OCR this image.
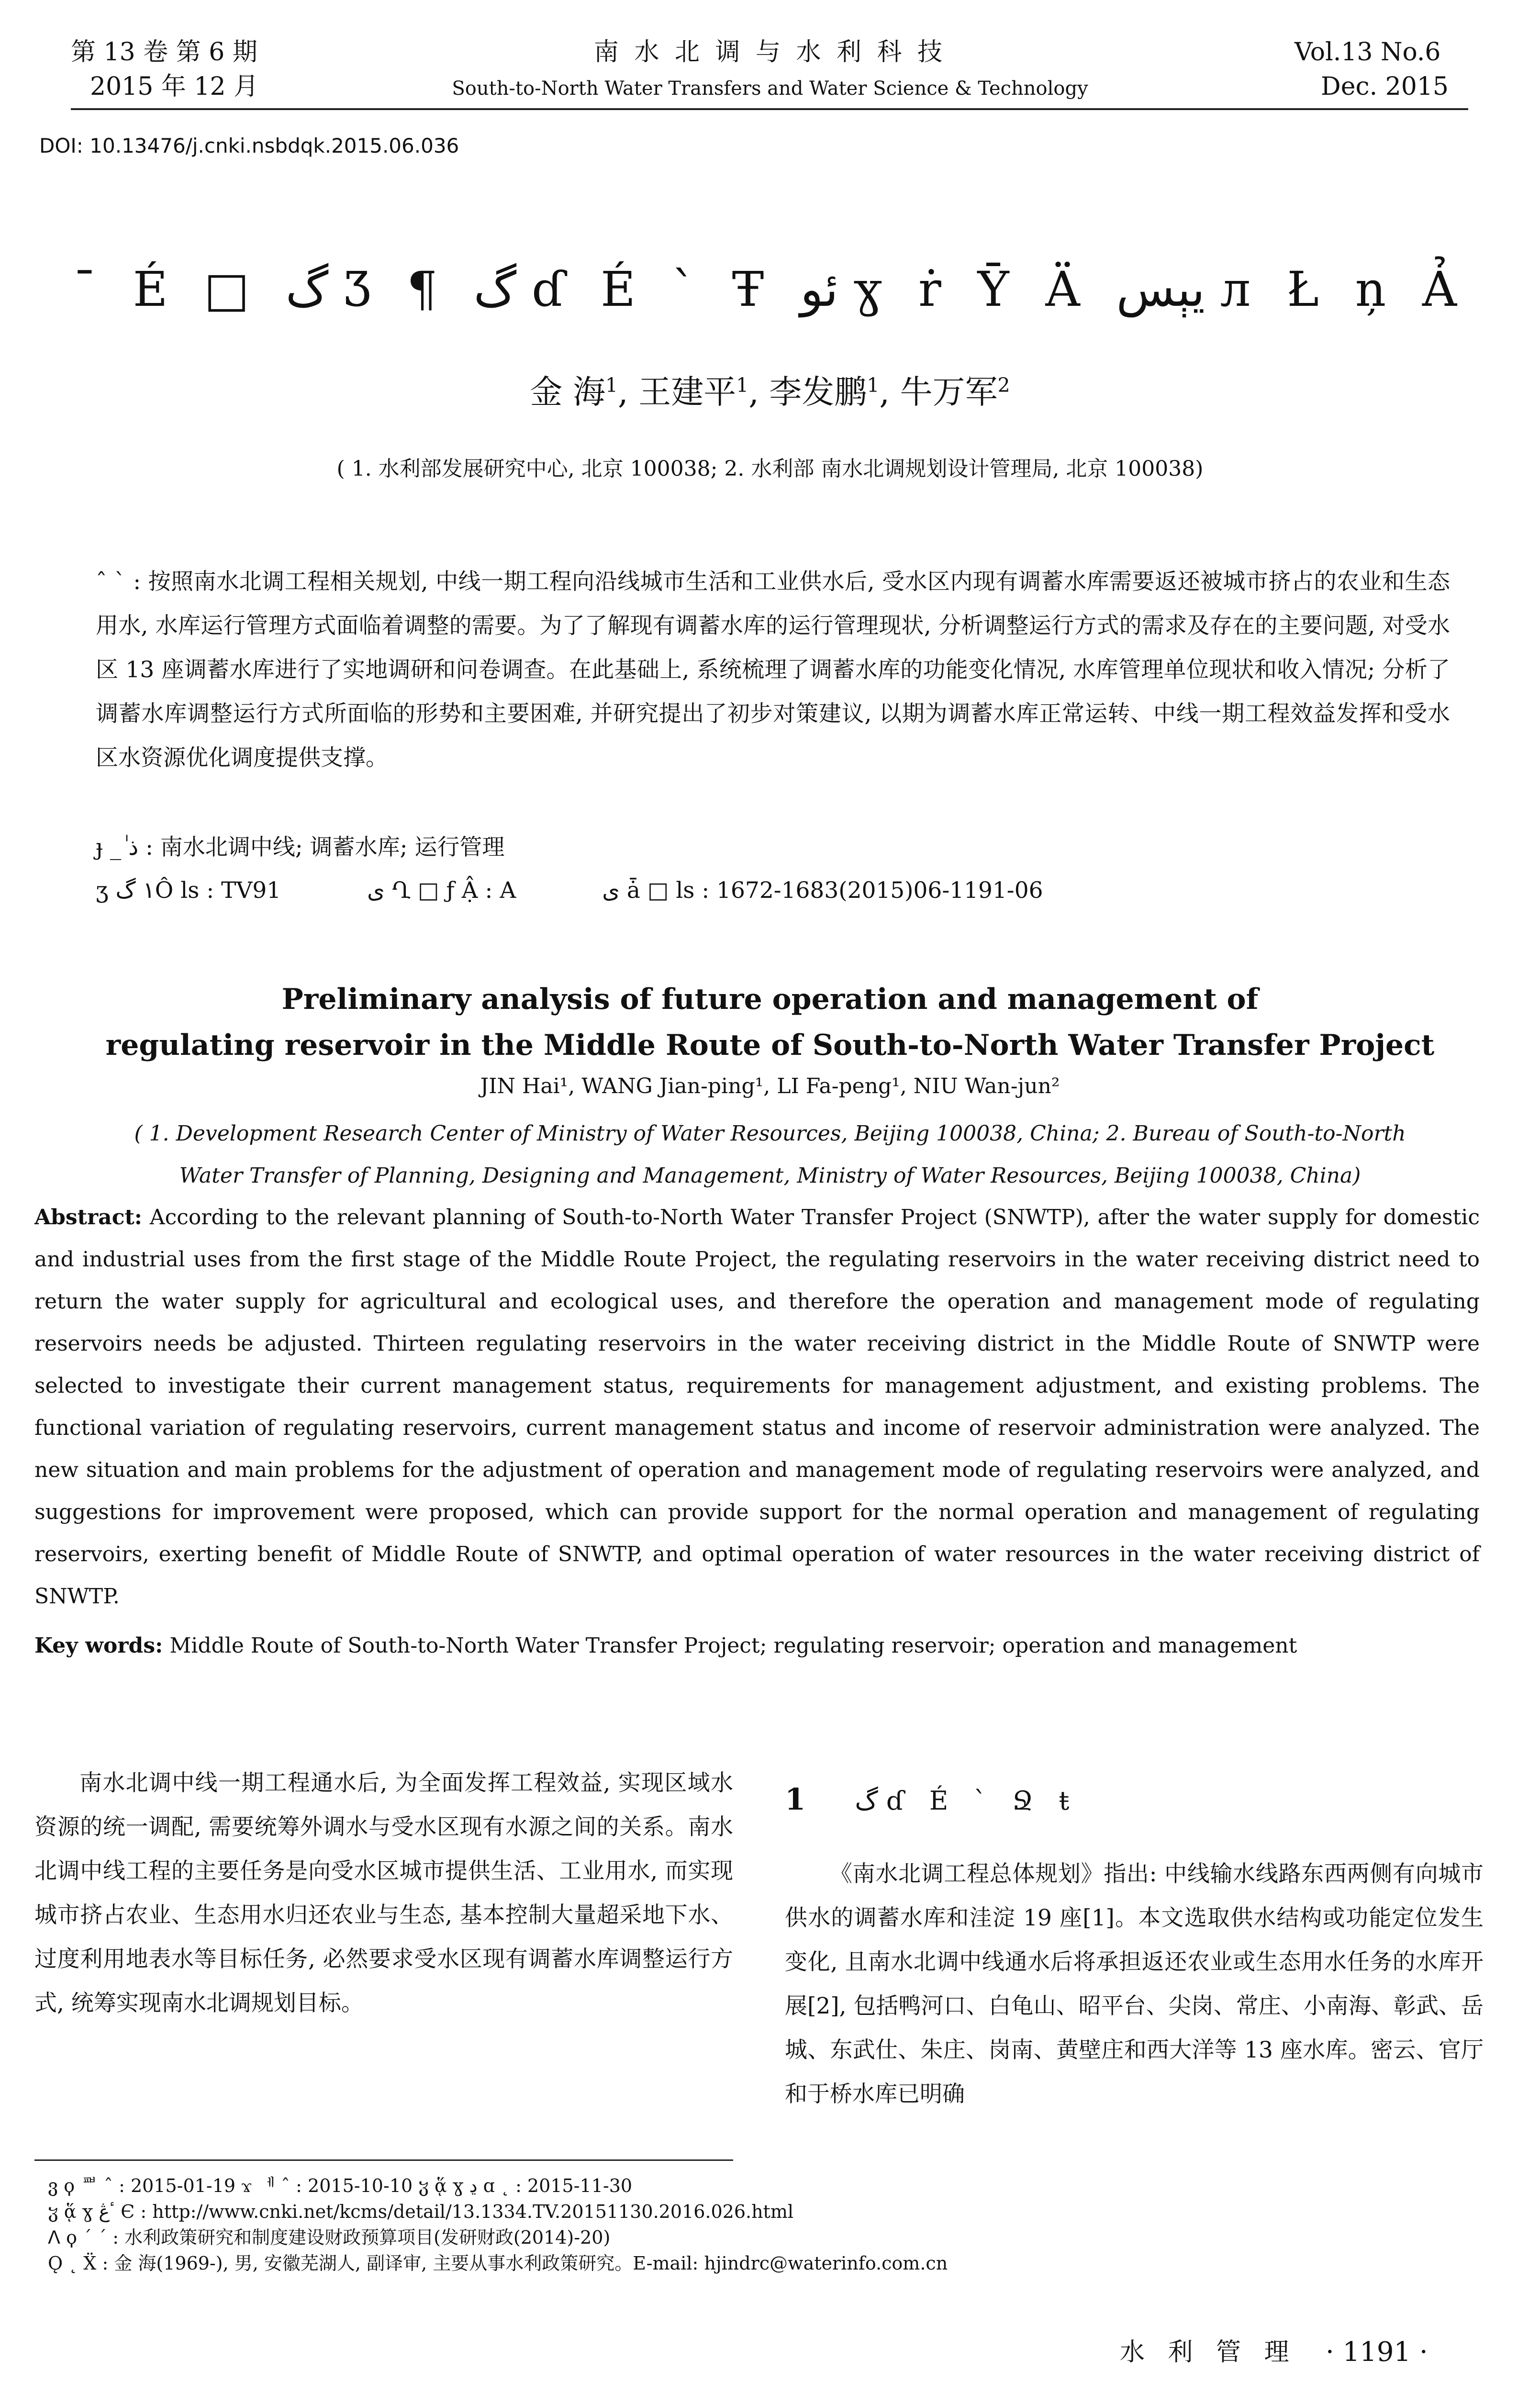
第 13 卷 第 6 期
2015 年 12 月
南 水 北 调 与 水 利 科 技
South-to-North Water Transfers and Water Science & Technology
Vol.13 No.6
Dec. 2015
DOI: 10.13476/j.cnki.nsbdqk.2015.06.036
¯ É □ گ Ʒ ¶ گ ɗ É ` Ŧ ئو ɣ ṙ Ȳ Ä يېس л Ł ņ Ả
金 海$^1$, 王建平$^1$, 李发鹏$^1$, 牛万军$^2$
( 1. 水利部发展研究中心, 北京 100038; 2. 水利部 南水北调规划设计管理局, 北京 100038)
ˆ ˋ : 按照南水北调工程相关规划, 中线一期工程向沿线城市生活和工业供水后, 受水区内现有调蓄水库需要返还被城市挤占的农业和生态用水, 水库运行管理方式面临着调整的需要。为了了解现有调蓄水库的运行管理现状, 分析调整运行方式的需求及存在的主要问题, 对受水区 13 座调蓄水库进行了实地调研和问卷调查。在此基础上, 系统梳理了调蓄水库的功能变化情况, 水库管理单位现状和收入情况; 分析了调蓄水库调整运行方式所面临的形势和主要困难, 并研究提出了初步对策建议, 以期为调蓄水库正常运转、中线一期工程效益发挥和受水区水资源优化调度提供支撑。
ɟ _ ٰذ : 南水北调中线; 调蓄水库; 运行管理
ʒ ١ گÔ ls : TV91	ى Ղ □ ƒ Ậ : A	ى ǡ □ ls : 1672-1683(2015)06-1191-06
Preliminary analysis of future operation and management of
regulating reservoir in the Middle Route of South-to-North Water Transfer Project
JIN Hai¹, WANG Jian-ping¹, LI Fa-peng¹, NIU Wan-jun²
( 1. Development Research Center of Ministry of Water Resources, Beijing 100038, China; 2. Bureau of South-to-North
Water Transfer of Planning, Designing and Management, Ministry of Water Resources, Beijing 100038, China)
Abstract: According to the relevant planning of South-to-North Water Transfer Project (SNWTP), after the water supply for domestic and industrial uses from the first stage of the Middle Route Project, the regulating reservoirs in the water receiving district need to return the water supply for agricultural and ecological uses, and therefore the operation and management mode of regulating reservoirs needs be adjusted. Thirteen regulating reservoirs in the water receiving district in the Middle Route of SNWTP were selected to investigate their current management status, requirements for management adjustment, and existing problems. The functional variation of regulating reservoirs, current management status and income of reservoir administration were analyzed. The new situation and main problems for the adjustment of operation and management mode of regulating reservoirs were analyzed, and suggestions for improvement were proposed, which can provide support for the normal operation and management of regulating reservoirs, exerting benefit of Middle Route of SNWTP, and optimal operation of water resources in the water receiving district of SNWTP.
Key words: Middle Route of South-to-North Water Transfer Project; regulating reservoir; operation and management
南水北调中线一期工程通水后, 为全面发挥工程效益, 实现区域水资源的统一调配, 需要统筹外调水与受水区现有水源之间的关系。南水北调中线工程的主要任务是向受水区城市提供生活、工业用水, 而实现城市挤占农业、生态用水归还农业与生态, 基本控制大量超采地下水、过度利用地表水等目标任务, 必然要求受水区现有调蓄水库调整运行方式, 统筹实现南水北调规划目标。
1 گ ɗ É ` Ջ ŧ
《南水北调工程总体规划》指出: 中线输水线路东西两侧有向城市供水的调蓄水库和洼淀 19 座[1]。本文选取供水结构或功能定位发生变化, 且南水北调中线通水后将承担返还农业或生态用水任务的水库开展[2], 包括鸭河口、白龟山、昭平台、尖岗、常庄、小南海、彰武、岳城、东武仕、朱庄、岗南、黄壁庄和西大洋等 13 座水库。密云、官厅和于桥水库已明确
ვ ϙ ᅖ ˆ : 2015-01-19 ϫ ᅦ ˆ : 2015-10-10 ჳ ᾅ ɣ ڍ ɑ ˛ : 2015-11-30
ჳ ᾅ ɣ ٴڠ Є : http://www.cnki.net/kcms/detail/13.1334.TV.20151130.2016.026.html
ᐱ ϙ ˊ ˊ : 水利政策研究和制度建设财政预算项目(发研财政(2014)-20)
Ǫ ˛ Ẍ : 金 海(1969-), 男, 安徽芜湖人, 副译审, 主要从事水利政策研究。E-mail: hjindrc@waterinfo.com.cn
水 利 管 理 · 1191 ·
